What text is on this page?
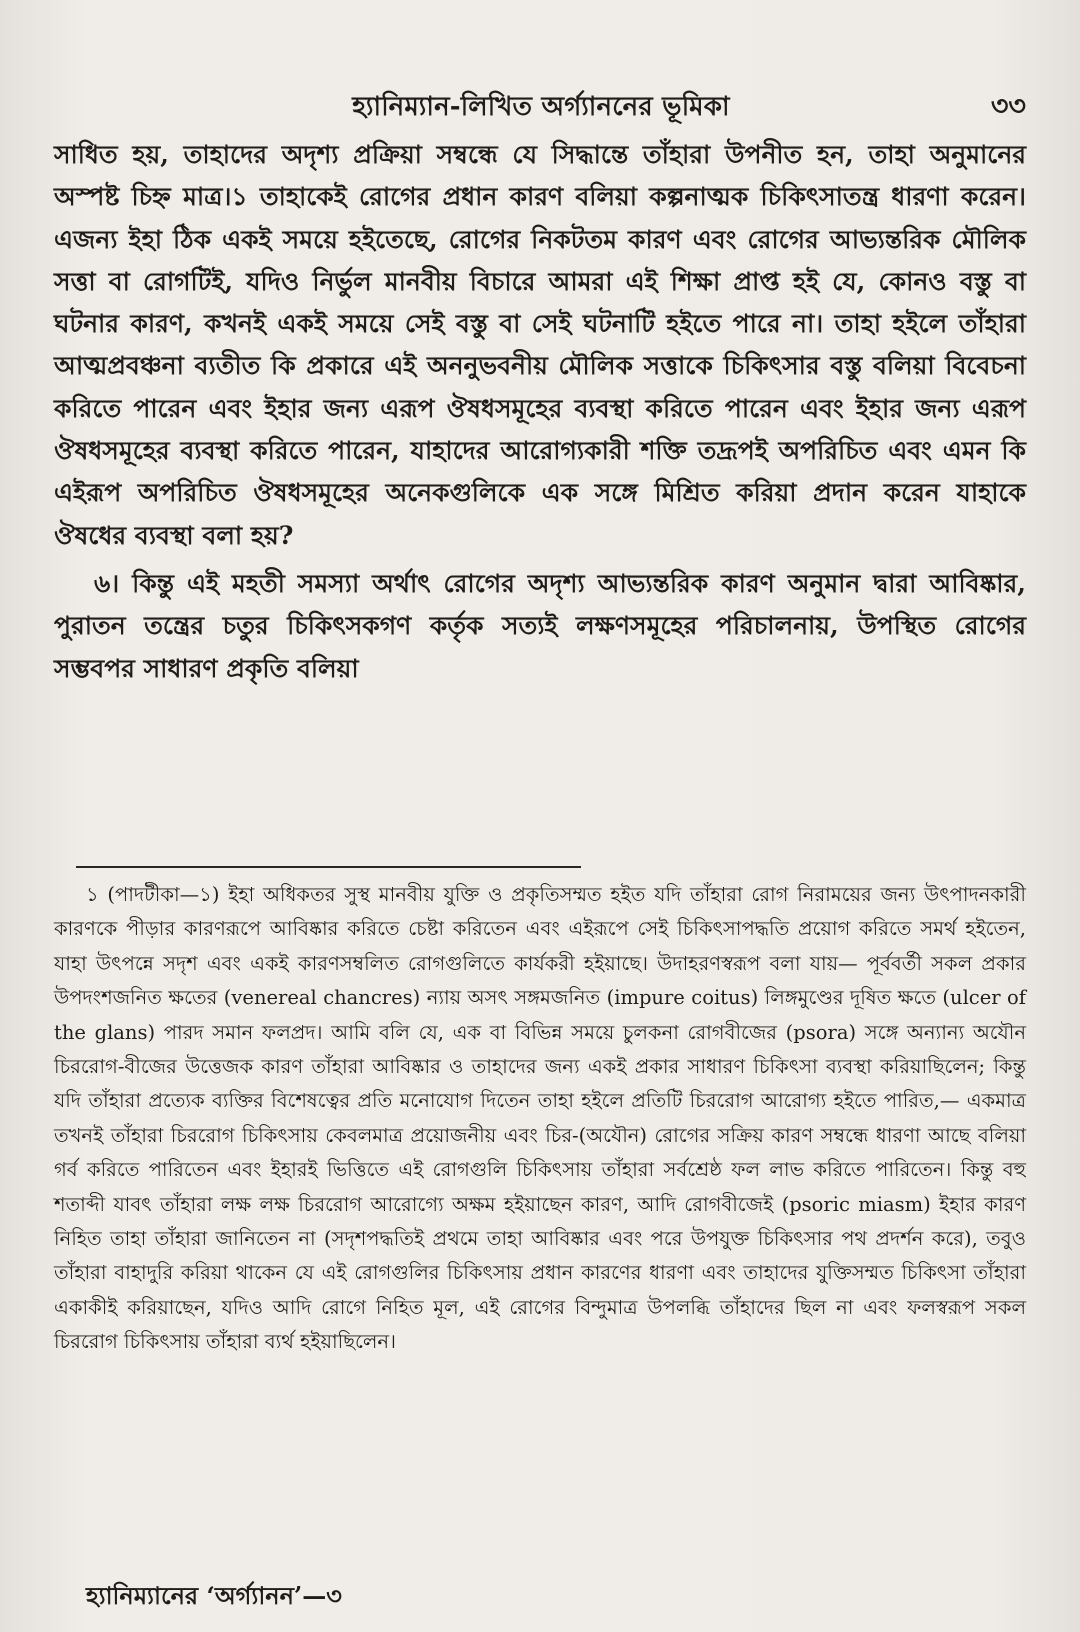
হ্যানিম্যান-লিখিত অর্গ্যাননের ভূমিকা	৩৩

সাধিত হয়, তাহাদের অদৃশ্য প্রক্রিয়া সম্বন্ধে যে সিদ্ধান্তে তাঁহারা উপনীত হন, তাহা অনুমানের অস্পষ্ট চিহ্ন মাত্র।১ তাহাকেই রোগের প্রধান কারণ বলিয়া কল্পনাত্মক চিকিৎসাতন্ত্র ধারণা করেন। এজন্য ইহা ঠিক একই সময়ে হইতেছে, রোগের নিকটতম কারণ এবং রোগের আভ্যন্তরিক মৌলিক সত্তা বা রোগটিই, যদিও নির্ভুল মানবীয় বিচারে আমরা এই শিক্ষা প্রাপ্ত হই যে, কোনও বস্তু বা ঘটনার কারণ, কখনই একই সময়ে সেই বস্তু বা সেই ঘটনাটি হইতে পারে না। তাহা হইলে তাঁহারা আত্মপ্রবঞ্চনা ব্যতীত কি প্রকারে এই অননুভবনীয় মৌলিক সত্তাকে চিকিৎসার বস্তু বলিয়া বিবেচনা করিতে পারেন এবং ইহার জন্য এরূপ ঔষধসমূহের ব্যবস্থা করিতে পারেন এবং ইহার জন্য এরূপ ঔষধসমূহের ব্যবস্থা করিতে পারেন, যাহাদের আরোগ্যকারী শক্তি তদ্রূপই অপরিচিত এবং এমন কি এইরূপ অপরিচিত ঔষধসমূহের অনেকগুলিকে এক সঙ্গে মিশ্রিত করিয়া প্রদান করেন যাহাকে ঔষধের ব্যবস্থা বলা হয়?

৬। কিন্তু এই মহতী সমস্যা অর্থাৎ রোগের অদৃশ্য আভ্যন্তরিক কারণ অনুমান দ্বারা আবিষ্কার, পুরাতন তন্ত্রের চতুর চিকিৎসকগণ কর্তৃক সত্যই লক্ষণসমূহের পরিচালনায়, উপস্থিত রোগের সম্ভবপর সাধারণ প্রকৃতি বলিয়া

১ (পাদটীকা—১) ইহা অধিকতর সুস্থ মানবীয় যুক্তি ও প্রকৃতিসম্মত হইত যদি তাঁহারা রোগ নিরাময়ের জন্য উৎপাদনকারী কারণকে পীড়ার কারণরূপে আবিষ্কার করিতে চেষ্টা করিতেন এবং এইরূপে সেই চিকিৎসাপদ্ধতি প্রয়োগ করিতে সমর্থ হইতেন, যাহা উৎপন্নে সদৃশ এবং একই কারণসম্বলিত রোগগুলিতে কার্যকরী হইয়াছে। উদাহরণস্বরূপ বলা যায়— পূর্ববর্তী সকল প্রকার উপদংশজনিত ক্ষতের (venereal chancres) ন্যায় অসৎ সঙ্গমজনিত (impure coitus) লিঙ্গমুণ্ডের দূষিত ক্ষতে (ulcer of the glans) পারদ সমান ফলপ্রদ। আমি বলি যে, এক বা বিভিন্ন সময়ে চুলকনা রোগবীজের (psora) সঙ্গে অন্যান্য অযৌন চিররোগ-বীজের উত্তেজক কারণ তাঁহারা আবিষ্কার ও তাহাদের জন্য একই প্রকার সাধারণ চিকিৎসা ব্যবস্থা করিয়াছিলেন; কিন্তু যদি তাঁহারা প্রত্যেক ব্যক্তির বিশেষত্বের প্রতি মনোযোগ দিতেন তাহা হইলে প্রতিটি চিররোগ আরোগ্য হইতে পারিত,— একমাত্র তখনই তাঁহারা চিররোগ চিকিৎসায় কেবলমাত্র প্রয়োজনীয় এবং চির-(অযৌন) রোগের সক্রিয় কারণ সম্বন্ধে ধারণা আছে বলিয়া গর্ব করিতে পারিতেন এবং ইহারই ভিত্তিতে এই রোগগুলি চিকিৎসায় তাঁহারা সর্বশ্রেষ্ঠ ফল লাভ করিতে পারিতেন। কিন্তু বহু শতাব্দী যাবৎ তাঁহারা লক্ষ লক্ষ চিররোগ আরোগ্যে অক্ষম হইয়াছেন কারণ, আদি রোগবীজেই (psoric miasm) ইহার কারণ নিহিত তাহা তাঁহারা জানিতেন না (সদৃশপদ্ধতিই প্রথমে তাহা আবিষ্কার এবং পরে উপযুক্ত চিকিৎসার পথ প্রদর্শন করে), তবুও তাঁহারা বাহাদুরি করিয়া থাকেন যে এই রোগগুলির চিকিৎসায় প্রধান কারণের ধারণা এবং তাহাদের যুক্তিসম্মত চিকিৎসা তাঁহারা একাকীই করিয়াছেন, যদিও আদি রোগে নিহিত মূল, এই রোগের বিন্দুমাত্র উপলব্ধি তাঁহাদের ছিল না এবং ফলস্বরূপ সকল চিররোগ চিকিৎসায় তাঁহারা ব্যর্থ হইয়াছিলেন।

হ্যানিম্যানের ‘অর্গ্যানন’—৩
